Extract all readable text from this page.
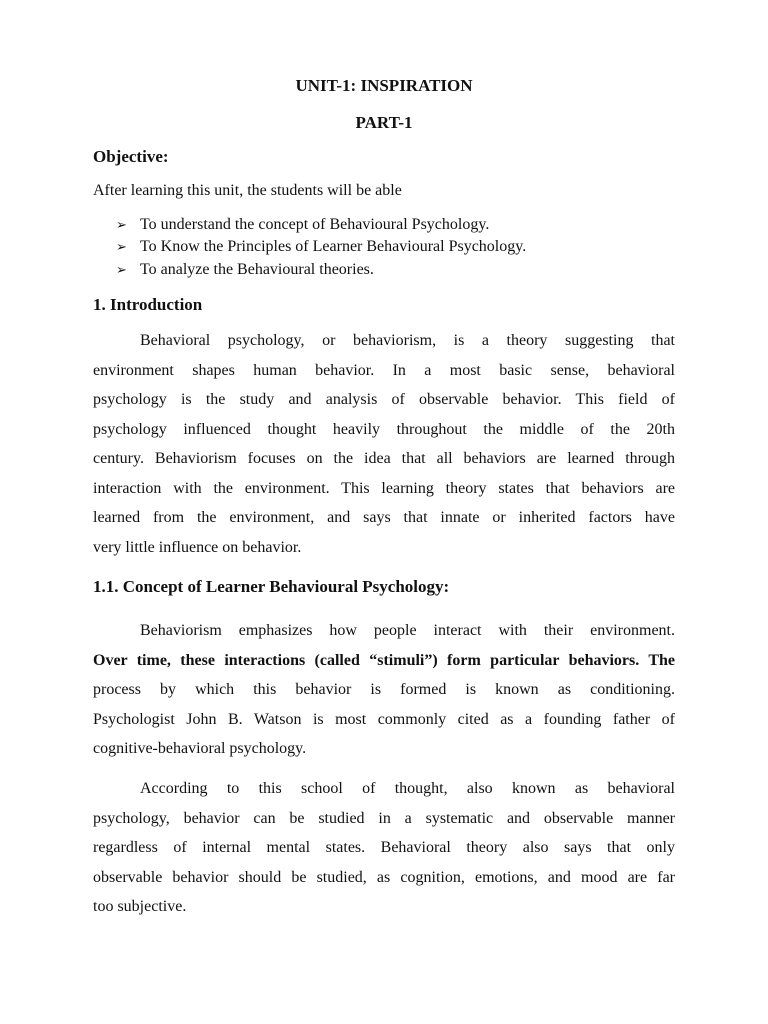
UNIT-1: INSPIRATION
PART-1
Objective:
After learning this unit, the students will be able
➢ To understand the concept of Behavioural Psychology.
➢ To Know the Principles of Learner Behavioural Psychology.
➢ To analyze the Behavioural theories.
1. Introduction
Behavioral psychology, or behaviorism, is a theory suggesting that
environment shapes human behavior. In a most basic sense, behavioral
psychology is the study and analysis of observable behavior. This field of
psychology influenced thought heavily throughout the middle of the 20th
century. Behaviorism focuses on the idea that all behaviors are learned through
interaction with the environment. This learning theory states that behaviors are
learned from the environment, and says that innate or inherited factors have
very little influence on behavior.
1.1. Concept of Learner Behavioural Psychology:
Behaviorism emphasizes how people interact with their environment.
Over time, these interactions (called “stimuli”) form particular behaviors. The
process by which this behavior is formed is known as conditioning.
Psychologist John B. Watson is most commonly cited as a founding father of
cognitive-behavioral psychology.
According to this school of thought, also known as behavioral
psychology, behavior can be studied in a systematic and observable manner
regardless of internal mental states. Behavioral theory also says that only
observable behavior should be studied, as cognition, emotions, and mood are far
too subjective.
